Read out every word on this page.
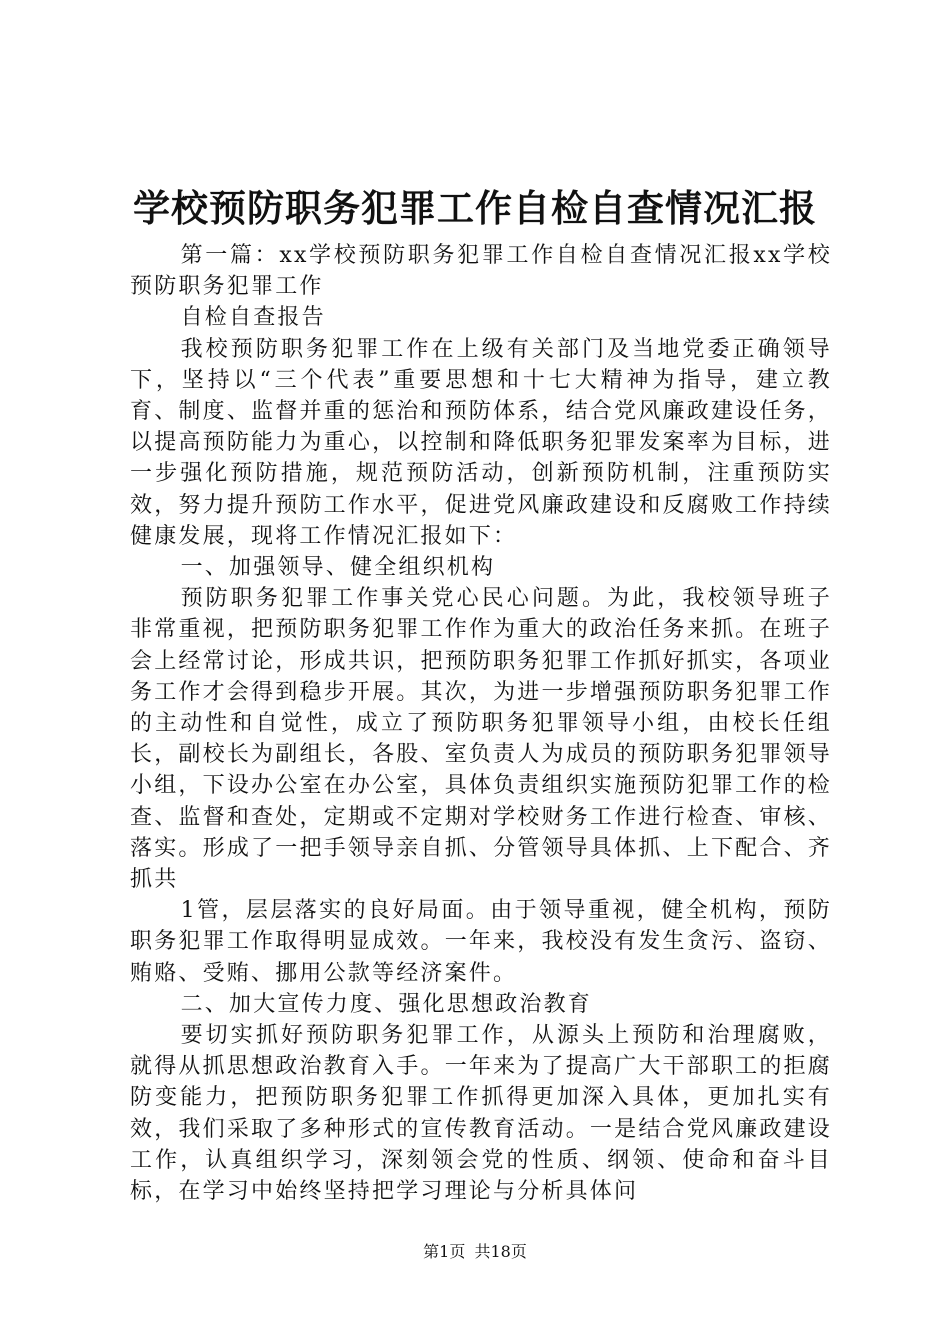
学校预防职务犯罪工作自检自查情况汇报

第一篇：xx学校预防职务犯罪工作自检自查情况汇报xx学校预防职务犯罪工作

自检自查报告

我校预防职务犯罪工作在上级有关部门及当地党委正确领导下，坚持以“三个代表”重要思想和十七大精神为指导，建立教育、制度、监督并重的惩治和预防体系，结合党风廉政建设任务，以提高预防能力为重心，以控制和降低职务犯罪发案率为目标，进一步强化预防措施，规范预防活动，创新预防机制，注重预防实效，努力提升预防工作水平，促进党风廉政建设和反腐败工作持续健康发展，现将工作情况汇报如下：

一、加强领导、健全组织机构

预防职务犯罪工作事关党心民心问题。为此，我校领导班子非常重视，把预防职务犯罪工作作为重大的政治任务来抓。在班子会上经常讨论，形成共识，把预防职务犯罪工作抓好抓实，各项业务工作才会得到稳步开展。其次，为进一步增强预防职务犯罪工作的主动性和自觉性，成立了预防职务犯罪领导小组，由校长任组长，副校长为副组长，各股、室负责人为成员的预防职务犯罪领导小组，下设办公室在办公室，具体负责组织实施预防犯罪工作的检查、监督和查处，定期或不定期对学校财务工作进行检查、审核、落实。形成了一把手领导亲自抓、分管领导具体抓、上下配合、齐抓共

1管，层层落实的良好局面。由于领导重视，健全机构，预防职务犯罪工作取得明显成效。一年来，我校没有发生贪污、盗窃、贿赂、受贿、挪用公款等经济案件。

二、加大宣传力度、强化思想政治教育

要切实抓好预防职务犯罪工作，从源头上预防和治理腐败，就得从抓思想政治教育入手。一年来为了提高广大干部职工的拒腐防变能力，把预防职务犯罪工作抓得更加深入具体，更加扎实有效，我们采取了多种形式的宣传教育活动。一是结合党风廉政建设工作，认真组织学习，深刻领会党的性质、纲领、使命和奋斗目标，在学习中始终坚持把学习理论与分析具体问

第1页 共18页
